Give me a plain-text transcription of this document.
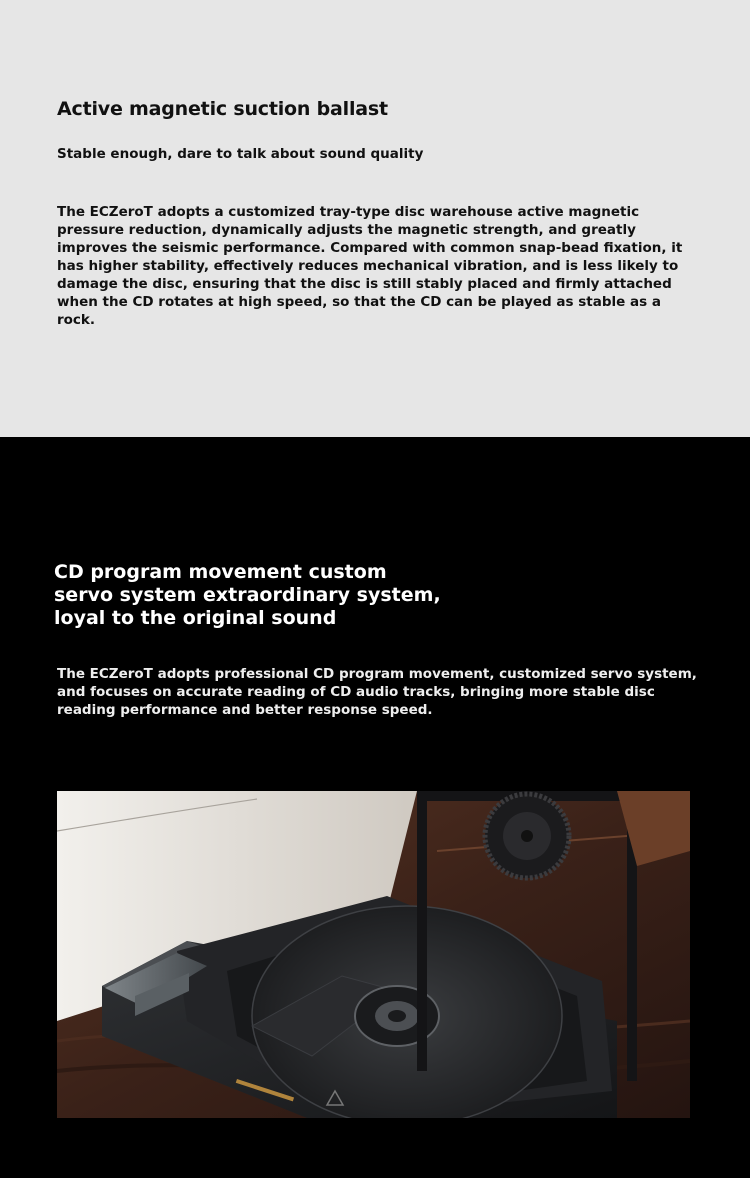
Active magnetic suction ballast
Stable enough, dare to talk about sound quality
The ECZeroT adopts a customized tray-type disc warehouse active magnetic pressure reduction, dynamically adjusts the magnetic strength, and greatly improves the seismic performance. Compared with common snap-bead fixation, it has higher stability, effectively reduces mechanical vibration, and is less likely to damage the disc, ensuring that the disc is still stably placed and firmly attached when the CD rotates at high speed, so that the CD can be played as stable as a rock.
CD program movement custom servo system extraordinary system, loyal to the original sound
The ECZeroT adopts professional CD program movement, customized servo system, and focuses on accurate reading of CD audio tracks, bringing more stable disc reading performance and better response speed.
